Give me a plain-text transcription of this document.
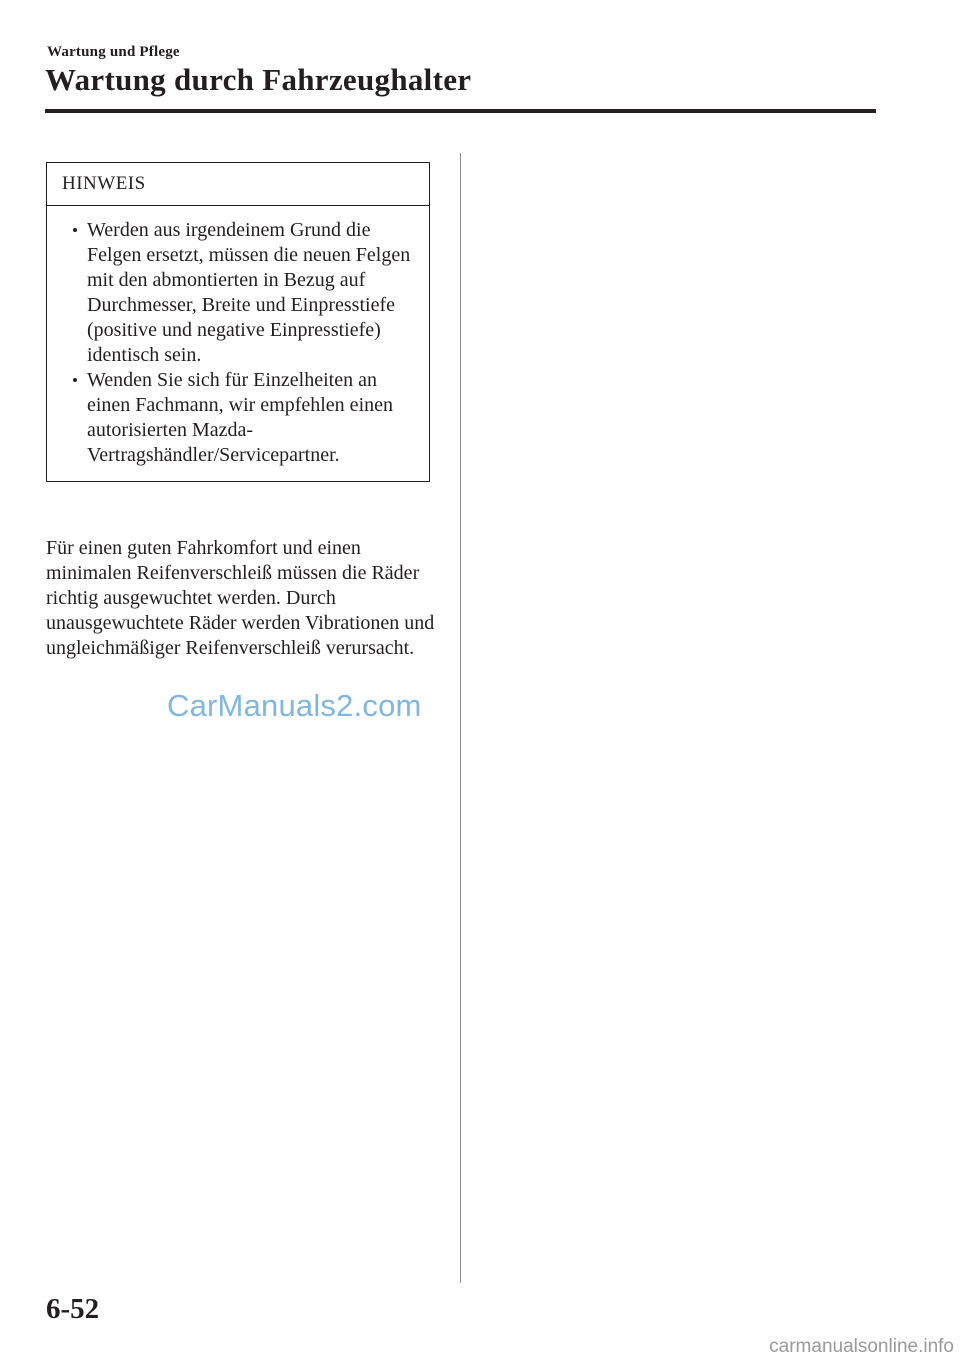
Wartung und Pflege
Wartung durch Fahrzeughalter
HINWEIS
Werden aus irgendeinem Grund die Felgen ersetzt, müssen die neuen Felgen mit den abmontierten in Bezug auf Durchmesser, Breite und Einpresstiefe (positive und negative Einpresstiefe) identisch sein.
Wenden Sie sich für Einzelheiten an einen Fachmann, wir empfehlen einen autorisierten Mazda-Vertragshändler/Servicepartner.

Für einen guten Fahrkomfort und einen minimalen Reifenverschleiß müssen die Räder richtig ausgewuchtet werden. Durch unausgewuchtete Räder werden Vibrationen und ungleichmäßiger Reifenverschleiß verursacht.

CarManuals2.com
6-52
carmanualsonline.info
